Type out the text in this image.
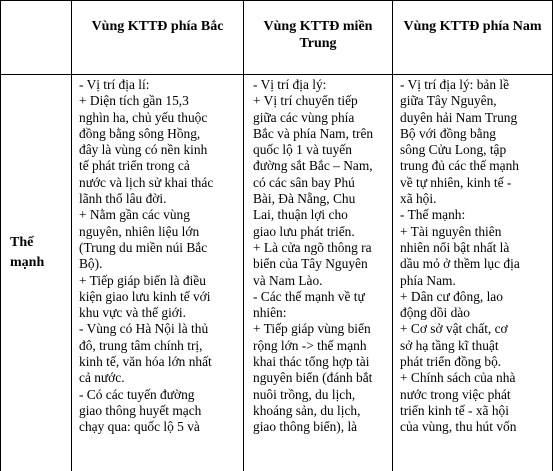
Vùng KTTĐ phía Bắc	Vùng KTTĐ miền Trung
Vùng KTTĐ phía Nam
Thế mạnh
- Vị trí địa lí:
+ Diện tích gần 15,3
nghìn ha, chủ yếu thuộc
đồng bằng sông Hồng,
đây là vùng có nền kinh
tế phát triển trong cả
nước và lịch sử khai thác
lãnh thổ lâu đời.
+ Nằm gần các vùng
nguyên, nhiên liệu lớn
(Trung du miền núi Bắc
Bộ).
+ Tiếp giáp biển là điều
kiện giao lưu kinh tế với
khu vực và thế giới.
- Vùng có Hà Nội là thủ
đô, trung tâm chính trị,
kinh tế, văn hóa lớn nhất
cả nước.
- Có các tuyến đường
giao thông huyết mạch
chạy qua: quốc lộ 5 và
- Vị trí địa lý:
+ Vị trí chuyển tiếp
giữa các vùng phía
Bắc và phía Nam, trên
quốc lộ 1 và tuyến
đường sắt Bắc – Nam,
có các sân bay Phú
Bài, Đà Nẵng, Chu
Lai, thuận lợi cho
giao lưu phát triển.
+ Là cửa ngõ thông ra
biển của Tây Nguyên
và Nam Lào.
- Các thế mạnh về tự
nhiên:
+ Tiếp giáp vùng biển
rộng lớn -> thế mạnh
khai thác tổng hợp tài
nguyên biển (đánh bắt
nuôi trồng, du lịch,
khoáng sản, du lịch,
giao thông biển), là
- Vị trí địa lý: bản lề
giữa Tây Nguyên,
duyên hải Nam Trung
Bộ với đồng bằng
sông Cửu Long, tập
trung đủ các thế mạnh
về tự nhiên, kinh tế -
xã hội.
- Thế mạnh:
+ Tài nguyên thiên
nhiên nổi bật nhất là
dầu mỏ ở thềm lục địa
phía Nam.
+ Dân cư đông, lao
động dồi dào
+ Cơ sở vật chất, cơ
sở hạ tầng kĩ thuật
phát triển đồng bộ.
+ Chính sách của nhà
nước trong việc phát
triển kinh tế - xã hội
của vùng, thu hút vốn
